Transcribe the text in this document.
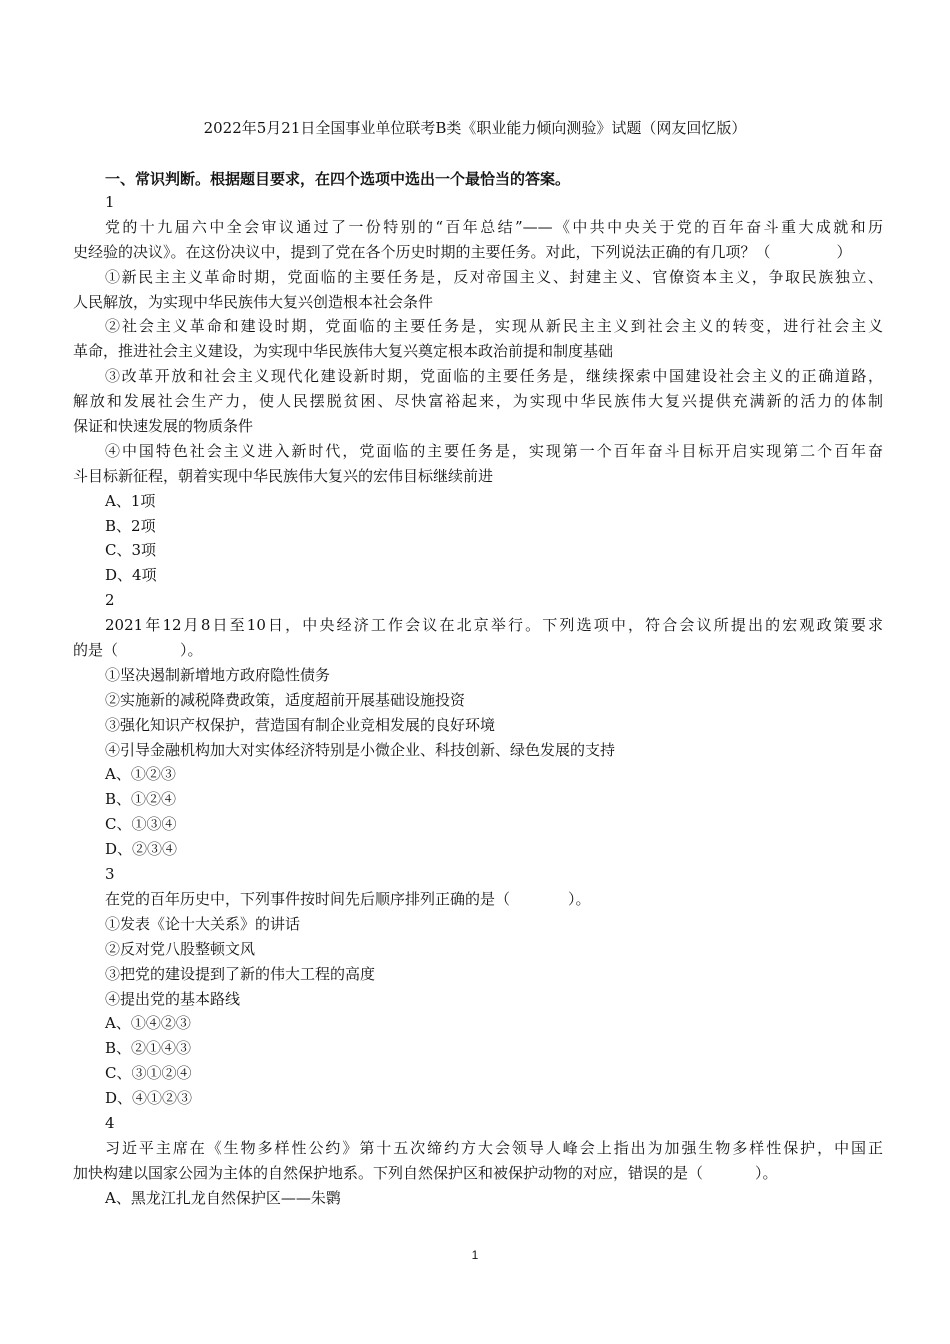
2022年5月21日全国事业单位联考B类《职业能力倾向测验》试题（网友回忆版）
一、常识判断。根据题目要求，在四个选项中选出一个最恰当的答案。
1
党的十九届六中全会审议通过了一份特别的“百年总结”——《中共中央关于党的百年奋斗重大成就和历
史经验的决议》。在这份决议中，提到了党在各个历史时期的主要任务。对此，下列说法正确的有几项？（	）
①新民主主义革命时期，党面临的主要任务是，反对帝国主义、封建主义、官僚资本主义，争取民族独立、
人民解放，为实现中华民族伟大复兴创造根本社会条件
②社会主义革命和建设时期，党面临的主要任务是，实现从新民主主义到社会主义的转变，进行社会主义
革命，推进社会主义建设，为实现中华民族伟大复兴奠定根本政治前提和制度基础
③改革开放和社会主义现代化建设新时期，党面临的主要任务是，继续探索中国建设社会主义的正确道路，
解放和发展社会生产力，使人民摆脱贫困、尽快富裕起来，为实现中华民族伟大复兴提供充满新的活力的体制
保证和快速发展的物质条件
④中国特色社会主义进入新时代，党面临的主要任务是，实现第一个百年奋斗目标开启实现第二个百年奋
斗目标新征程，朝着实现中华民族伟大复兴的宏伟目标继续前进
A、1项
B、2项
C、3项
D、4项
2
2021年12月8日至10日，中央经济工作会议在北京举行。下列选项中，符合会议所提出的宏观政策要求
的是（	）。
①坚决遏制新增地方政府隐性债务
②实施新的减税降费政策，适度超前开展基础设施投资
③强化知识产权保护，营造国有制企业竞相发展的良好环境
④引导金融机构加大对实体经济特别是小微企业、科技创新、绿色发展的支持
A、①②③
B、①②④
C、①③④
D、②③④
3
在党的百年历史中，下列事件按时间先后顺序排列正确的是（	）。
①发表《论十大关系》的讲话
②反对党八股整顿文风
③把党的建设提到了新的伟大工程的高度
④提出党的基本路线
A、①④②③
B、②①④③
C、③①②④
D、④①②③
4
习近平主席在《生物多样性公约》第十五次缔约方大会领导人峰会上指出为加强生物多样性保护，中国正
加快构建以国家公园为主体的自然保护地系。下列自然保护区和被保护动物的对应，错误的是（	）。
A、黑龙江扎龙自然保护区——朱鹮
1
